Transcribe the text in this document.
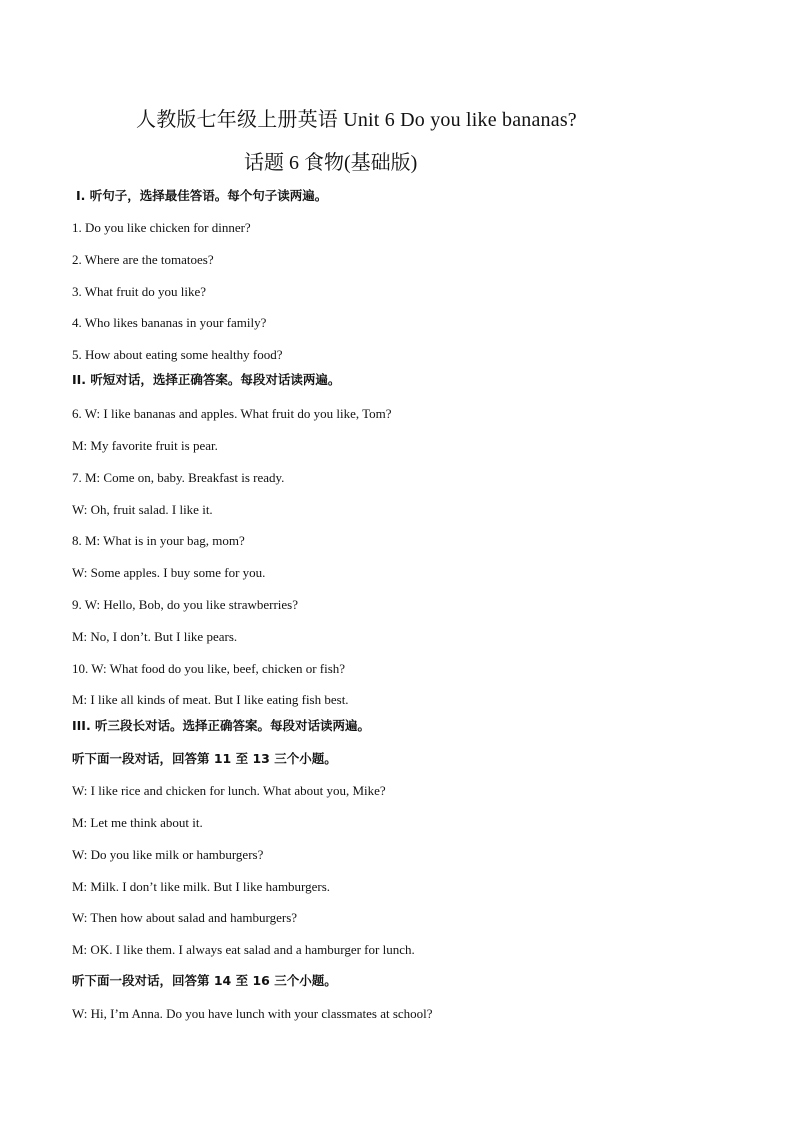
人教版七年级上册英语 Unit 6 Do you like bananas?
话题 6 食物(基础版)
Ⅰ. 听句子，选择最佳答语。每个句子读两遍。
1. Do you like chicken for dinner?
2. Where are the tomatoes?
3. What fruit do you like?
4. Who likes bananas in your family?
5. How about eating some healthy food?
II. 听短对话，选择正确答案。每段对话读两遍。
6. W: I like bananas and apples. What fruit do you like, Tom?
M: My favorite fruit is pear.
7. M: Come on, baby. Breakfast is ready.
W: Oh, fruit salad. I like it.
8. M: What is in your bag, mom?
W: Some apples. I buy some for you.
9. W: Hello, Bob, do you like strawberries?
M: No, I don’t. But I like pears.
10. W: What food do you like, beef, chicken or fish?
M: I like all kinds of meat. But I like eating fish best.
III. 听三段长对话。选择正确答案。每段对话读两遍。
听下面一段对话，回答第 11 至 13 三个小题。
W: I like rice and chicken for lunch. What about you, Mike?
M: Let me think about it.
W: Do you like milk or hamburgers?
M: Milk. I don’t like milk. But I like hamburgers.
W: Then how about salad and hamburgers?
M: OK. I like them. I always eat salad and a hamburger for lunch.
听下面一段对话，回答第 14 至 16 三个小题。
W: Hi, I’m Anna. Do you have lunch with your classmates at school?
